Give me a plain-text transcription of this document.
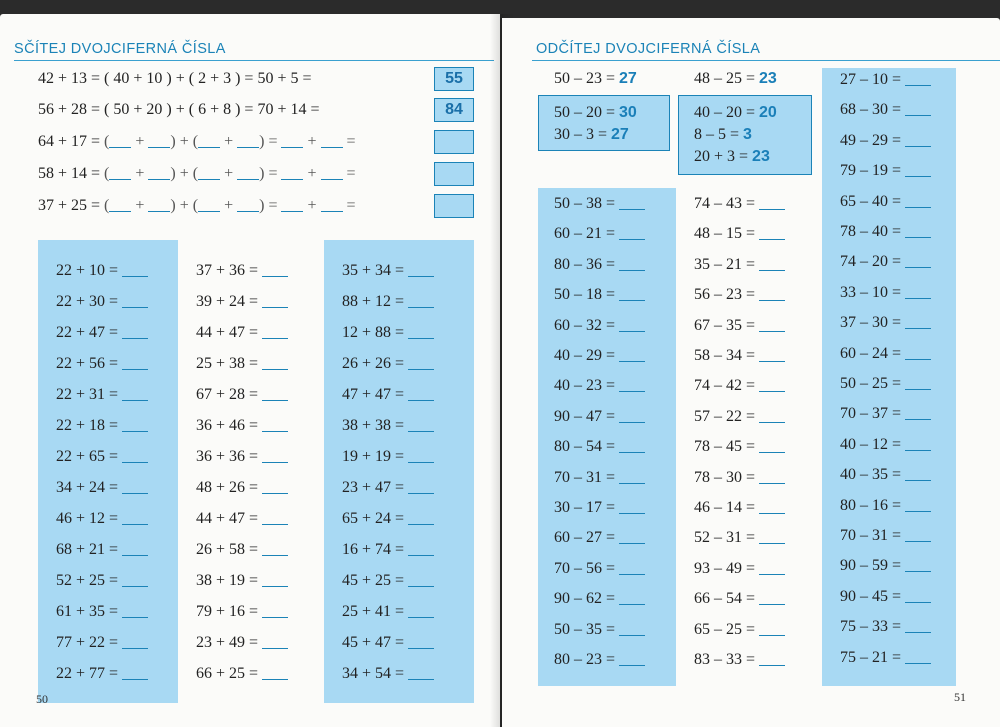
SČÍTEJ DVOJCIFERNÁ ČÍSLA
42 + 13 = ( 40 + 10 ) + ( 2 + 3 ) = 50 + 5 =	55
56 + 28 = ( 50 + 20 ) + ( 6 + 8 ) = 70 + 14 =	84
64 + 17 = ( + ) + ( + ) =  +  =
58 + 14 = ( + ) + ( + ) =  +  =
37 + 25 = ( + ) + ( + ) =  +  =
22 + 10 =
22 + 30 =
22 + 47 =
22 + 56 =
22 + 31 =
22 + 18 =
22 + 65 =
34 + 24 =
46 + 12 =
68 + 21 =
52 + 25 =
61 + 35 =
77 + 22 =
22 + 77 =
37 + 36 =
39 + 24 =
44 + 47 =
25 + 38 =
67 + 28 =
36 + 46 =
36 + 36 =
48 + 26 =
44 + 47 =
26 + 58 =
38 + 19 =
79 + 16 =
23 + 49 =
66 + 25 =
35 + 34 =
88 + 12 =
12 + 88 =
26 + 26 =
47 + 47 =
38 + 38 =
19 + 19 =
23 + 47 =
65 + 24 =
16 + 74 =
45 + 25 =
25 + 41 =
45 + 47 =
34 + 54 =
50
ODČÍTEJ DVOJCIFERNÁ ČÍSLA
50 – 23 = 27	48 – 25 = 23
50 – 20 = 30
30 – 3 = 27
40 – 20 = 20
8 – 5 = 3
20 + 3 = 23
50 – 38 =
60 – 21 =
80 – 36 =
50 – 18 =
60 – 32 =
40 – 29 =
40 – 23 =
90 – 47 =
80 – 54 =
70 – 31 =
30 – 17 =
60 – 27 =
70 – 56 =
90 – 62 =
50 – 35 =
80 – 23 =
74 – 43 =
48 – 15 =
35 – 21 =
56 – 23 =
67 – 35 =
58 – 34 =
74 – 42 =
57 – 22 =
78 – 45 =
78 – 30 =
46 – 14 =
52 – 31 =
93 – 49 =
66 – 54 =
65 – 25 =
83 – 33 =
27 – 10 =
68 – 30 =
49 – 29 =
79 – 19 =
65 – 40 =
78 – 40 =
74 – 20 =
33 – 10 =
37 – 30 =
60 – 24 =
50 – 25 =
70 – 37 =
40 – 12 =
40 – 35 =
80 – 16 =
70 – 31 =
90 – 59 =
90 – 45 =
75 – 33 =
75 – 21 =
51
